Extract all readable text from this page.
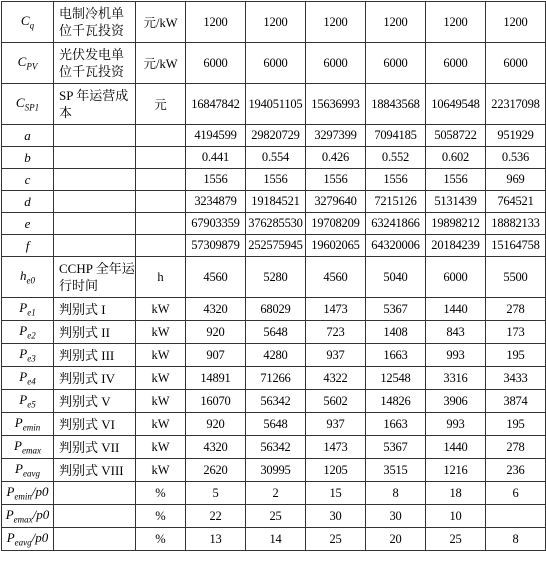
$C_q$	电制冷机单位千瓦投资	元/kW	1200	1200	1200	1200	1200	1200
$C_{PV}$	光伏发电单位千瓦投资	元/kW	6000	6000	6000	6000	6000	6000
$C_{SP1}$	SP 年运营成本	元	16847842	194051105	15636993	18843568	10649548	22317098
a			4194599	29820729	3297399	7094185	5058722	951929
b			0.441	0.554	0.426	0.552	0.602	0.536
c			1556	1556	1556	1556	1556	969
d			3234879	19184521	3279640	7215126	5131439	764521
e			67903359	376285530	19708209	63241866	19898212	18882133
f			57309879	252575945	19602065	64320006	20184239	15164758
$h_{e0}$	CCHP 全年运行时间	h	4560	5280	4560	5040	6000	5500
$P_{e1}$	判别式 I	kW	4320	68029	1473	5367	1440	278
$P_{e2}$	判别式 II	kW	920	5648	723	1408	843	173
$P_{e3}$	判别式 III	kW	907	4280	937	1663	993	195
$P_{e4}$	判别式 IV	kW	14891	71266	4322	12548	3316	3433
$P_{e5}$	判别式 V	kW	16070	56342	5602	14826	3906	3874
$P_{emin}$	判别式 VI	kW	920	5648	937	1663	993	195
$P_{emax}$	判别式 VII	kW	4320	56342	1473	5367	1440	278
$P_{eavg}$	判别式 VIII	kW	2620	30995	1205	3515	1216	236
$P_{emin}/p0$		%	5	2	15	8	18	6
$P_{emax}/p0$		%	22	25	30	30	10	
$P_{eavg}/p0$		%	13	14	25	20	25	8
